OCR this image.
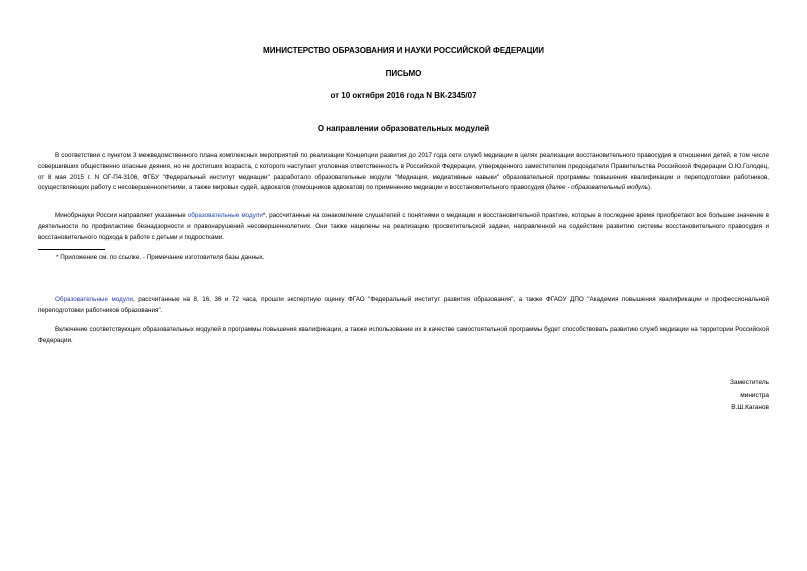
МИНИСТЕРСТВО ОБРАЗОВАНИЯ И НАУКИ РОССИЙСКОЙ ФЕДЕРАЦИИ
ПИСЬМО
от 10 октября 2016 года N ВК-2345/07
О направлении образовательных модулей
В соответствии с пунктом 3 межведомственного плана комплексных мероприятий по реализации Концепции развития до 2017 года сети служб медиации в целях реализации восстановительного правосудия в отношении детей, в том числе совершивших общественно опасные деяния, но не достигших возраста, с которого наступает уголовная ответственность в Российской Федерации, утвержденного заместителем председателя Правительства Российской Федерации О.Ю.Голодец, от 8 мая 2015 г. N ОГ-П4-3106, ФГБУ "Федеральный институт медиации" разработало образовательные модули "Медиация, медиативные навыки" образовательной программы повышения квалификации и переподготовки работников, осуществляющих работу с несовершеннолетними, а также мировых судей, адвокатов (помощников адвокатов) по применению медиации и восстановительного правосудия (далее - образовательный модуль).
Минобрнауки России направляет указанные образовательные модули*, рассчитанные на ознакомление слушателей с понятиями о медиации и восстановительной практике, которые в последнее время приобретают все большее значение в деятельности по профилактике безнадзорности и правонарушений несовершеннолетних. Они также нацелены на реализацию просветительской задачи, направленной на содействие развитию системы восстановительного правосудия и восстановительного подхода в работе с детьми и подростками.
* Приложение см. по ссылке. - Примечание изготовителя базы данных.
Образовательные модули, рассчитанные на 8, 16, 36 и 72 часа, прошли экспертную оценку ФГАО "Федеральный институт развития образования", а также ФГАОУ ДПО "Академия повышения квалификации и профессиональной переподготовки работников образования".
Включение соответствующих образовательных модулей в программы повышения квалификации, а также использование их в качестве самостоятельной программы будет способствовать развитию служб медиации на территории Российской Федерации.
Заместитель
министра
В.Ш.Каганов
